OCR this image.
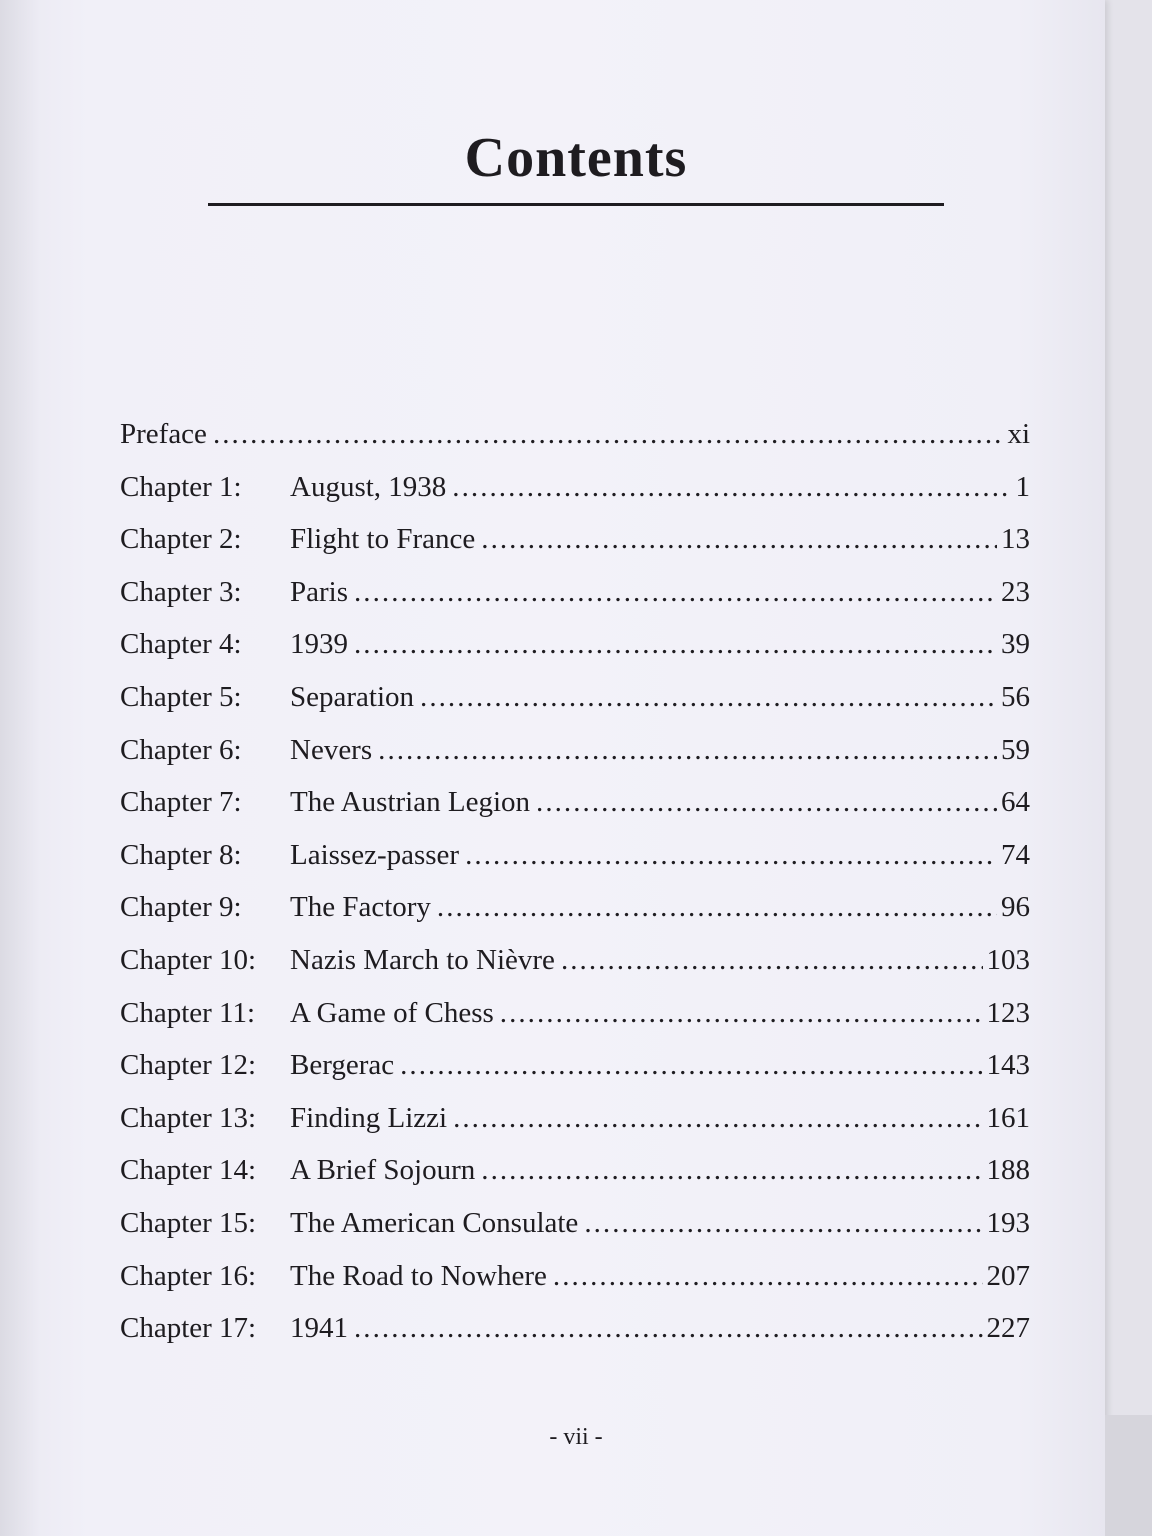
Contents
Preface . . .	xi
Chapter 1:	August, 1938 . . .	1
Chapter 2:	Flight to France . . .	13
Chapter 3:	Paris . . .	23
Chapter 4:	1939 . . .	39
Chapter 5:	Separation . . .	56
Chapter 6:	Nevers . . .	59
Chapter 7:	The Austrian Legion . . .	64
Chapter 8:	Laissez-passer . . .	74
Chapter 9:	The Factory . . .	96
Chapter 10:	Nazis March to Nièvre . . .	103
Chapter 11:	A Game of Chess . . .	123
Chapter 12:	Bergerac . . .	143
Chapter 13:	Finding Lizzi . . .	161
Chapter 14:	A Brief Sojourn . . .	188
Chapter 15:	The American Consulate . . .	193
Chapter 16:	The Road to Nowhere . . .	207
Chapter 17:	1941 . . .	227
- vii -
